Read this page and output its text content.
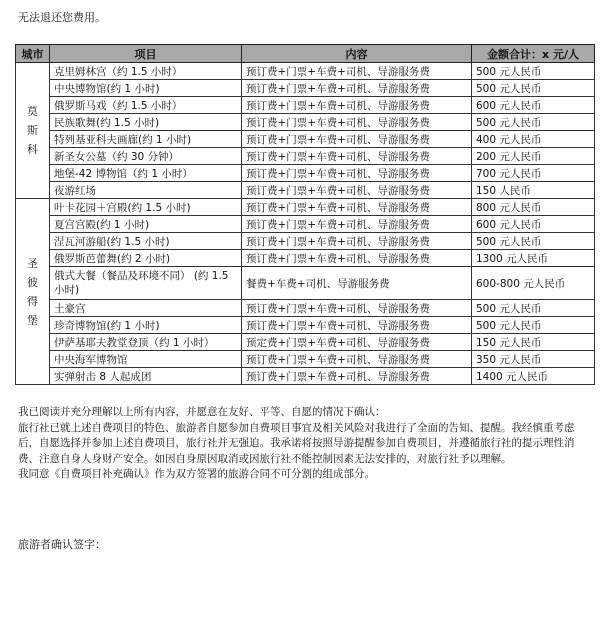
无法退还您费用。
城市	项目	内容	金额合计：x 元/人
莫斯科	克里姆林宫（约 1.5 小时）	预订费+门票+车费+司机、导游服务费	500 元人民币
	中央博物馆(约 1 小时)	预订费+门票+车费+司机、导游服务费	500 元人民币
	俄罗斯马戏（约 1.5 小时）	预订费+门票+车费+司机、导游服务费	600 元人民币
	民族歌舞(约 1.5 小时)	预订费+门票+车费+司机、导游服务费	500 元人民币
	特列基亚科夫画廊(约 1 小时)	预订费+门票+车费+司机、导游服务费	400 元人民币
	新圣女公墓（约 30 分钟）	预订费+门票+车费+司机、导游服务费	200 元人民币
	地堡-42 博物馆（约 1 小时）	预订费+门票+车费+司机、导游服务费	700 元人民币
	夜游红场	预订费+门票+车费+司机、导游服务费	150 人民币
圣彼得堡	叶卡花园＋宫殿(约 1.5 小时)	预订费+门票+车费+司机、导游服务费	800 元人民币
	夏宫宫殿(约 1 小时)	预订费+门票+车费+司机、导游服务费	600 元人民币
	涅瓦河游船(约 1.5 小时)	预订费+门票+车费+司机、导游服务费	500 元人民币
	俄罗斯芭蕾舞(约 2 小时)	预订费+门票+车费+司机、导游服务费	1300 元人民币
	俄式大餐（餐品及环境不同） (约 1.5 小时)	餐费+车费+司机、导游服务费	600-800 元人民币
	土豪宫	预订费+门票+车费+司机、导游服务费	500 元人民币
	珍奇博物馆(约 1 小时)	预订费+门票+车费+司机、导游服务费	500 元人民币
	伊萨基耶夫教堂登顶（约 1 小时）	预定费+门票+车费+司机、导游服务费	150 元人民币
	中央海军博物馆	预订费+门票+车费+司机、导游服务费	350 元人民币
	实弹射击 8 人起成团	预订费+门票+车费+司机、导游服务费	1400 元人民币

我已阅读并充分理解以上所有内容，并愿意在友好、平等、自愿的情况下确认：

旅行社已就上述自费项目的特色、旅游者自愿参加自费项目事宜及相关风险对我进行了全面的告知、提醒。我经慎重考虑后，自愿选择并参加上述自费项目，旅行社并无强迫。我承诺将按照导游提醒参加自费项目，并遵循旅行社的提示理性消费、注意自身人身财产安全。如因自身原因取消或因旅行社不能控制因素无法安排的，对旅行社予以理解。

我同意《自费项目补充确认》作为双方签署的旅游合同不可分割的组成部分。

旅游者确认签字：
